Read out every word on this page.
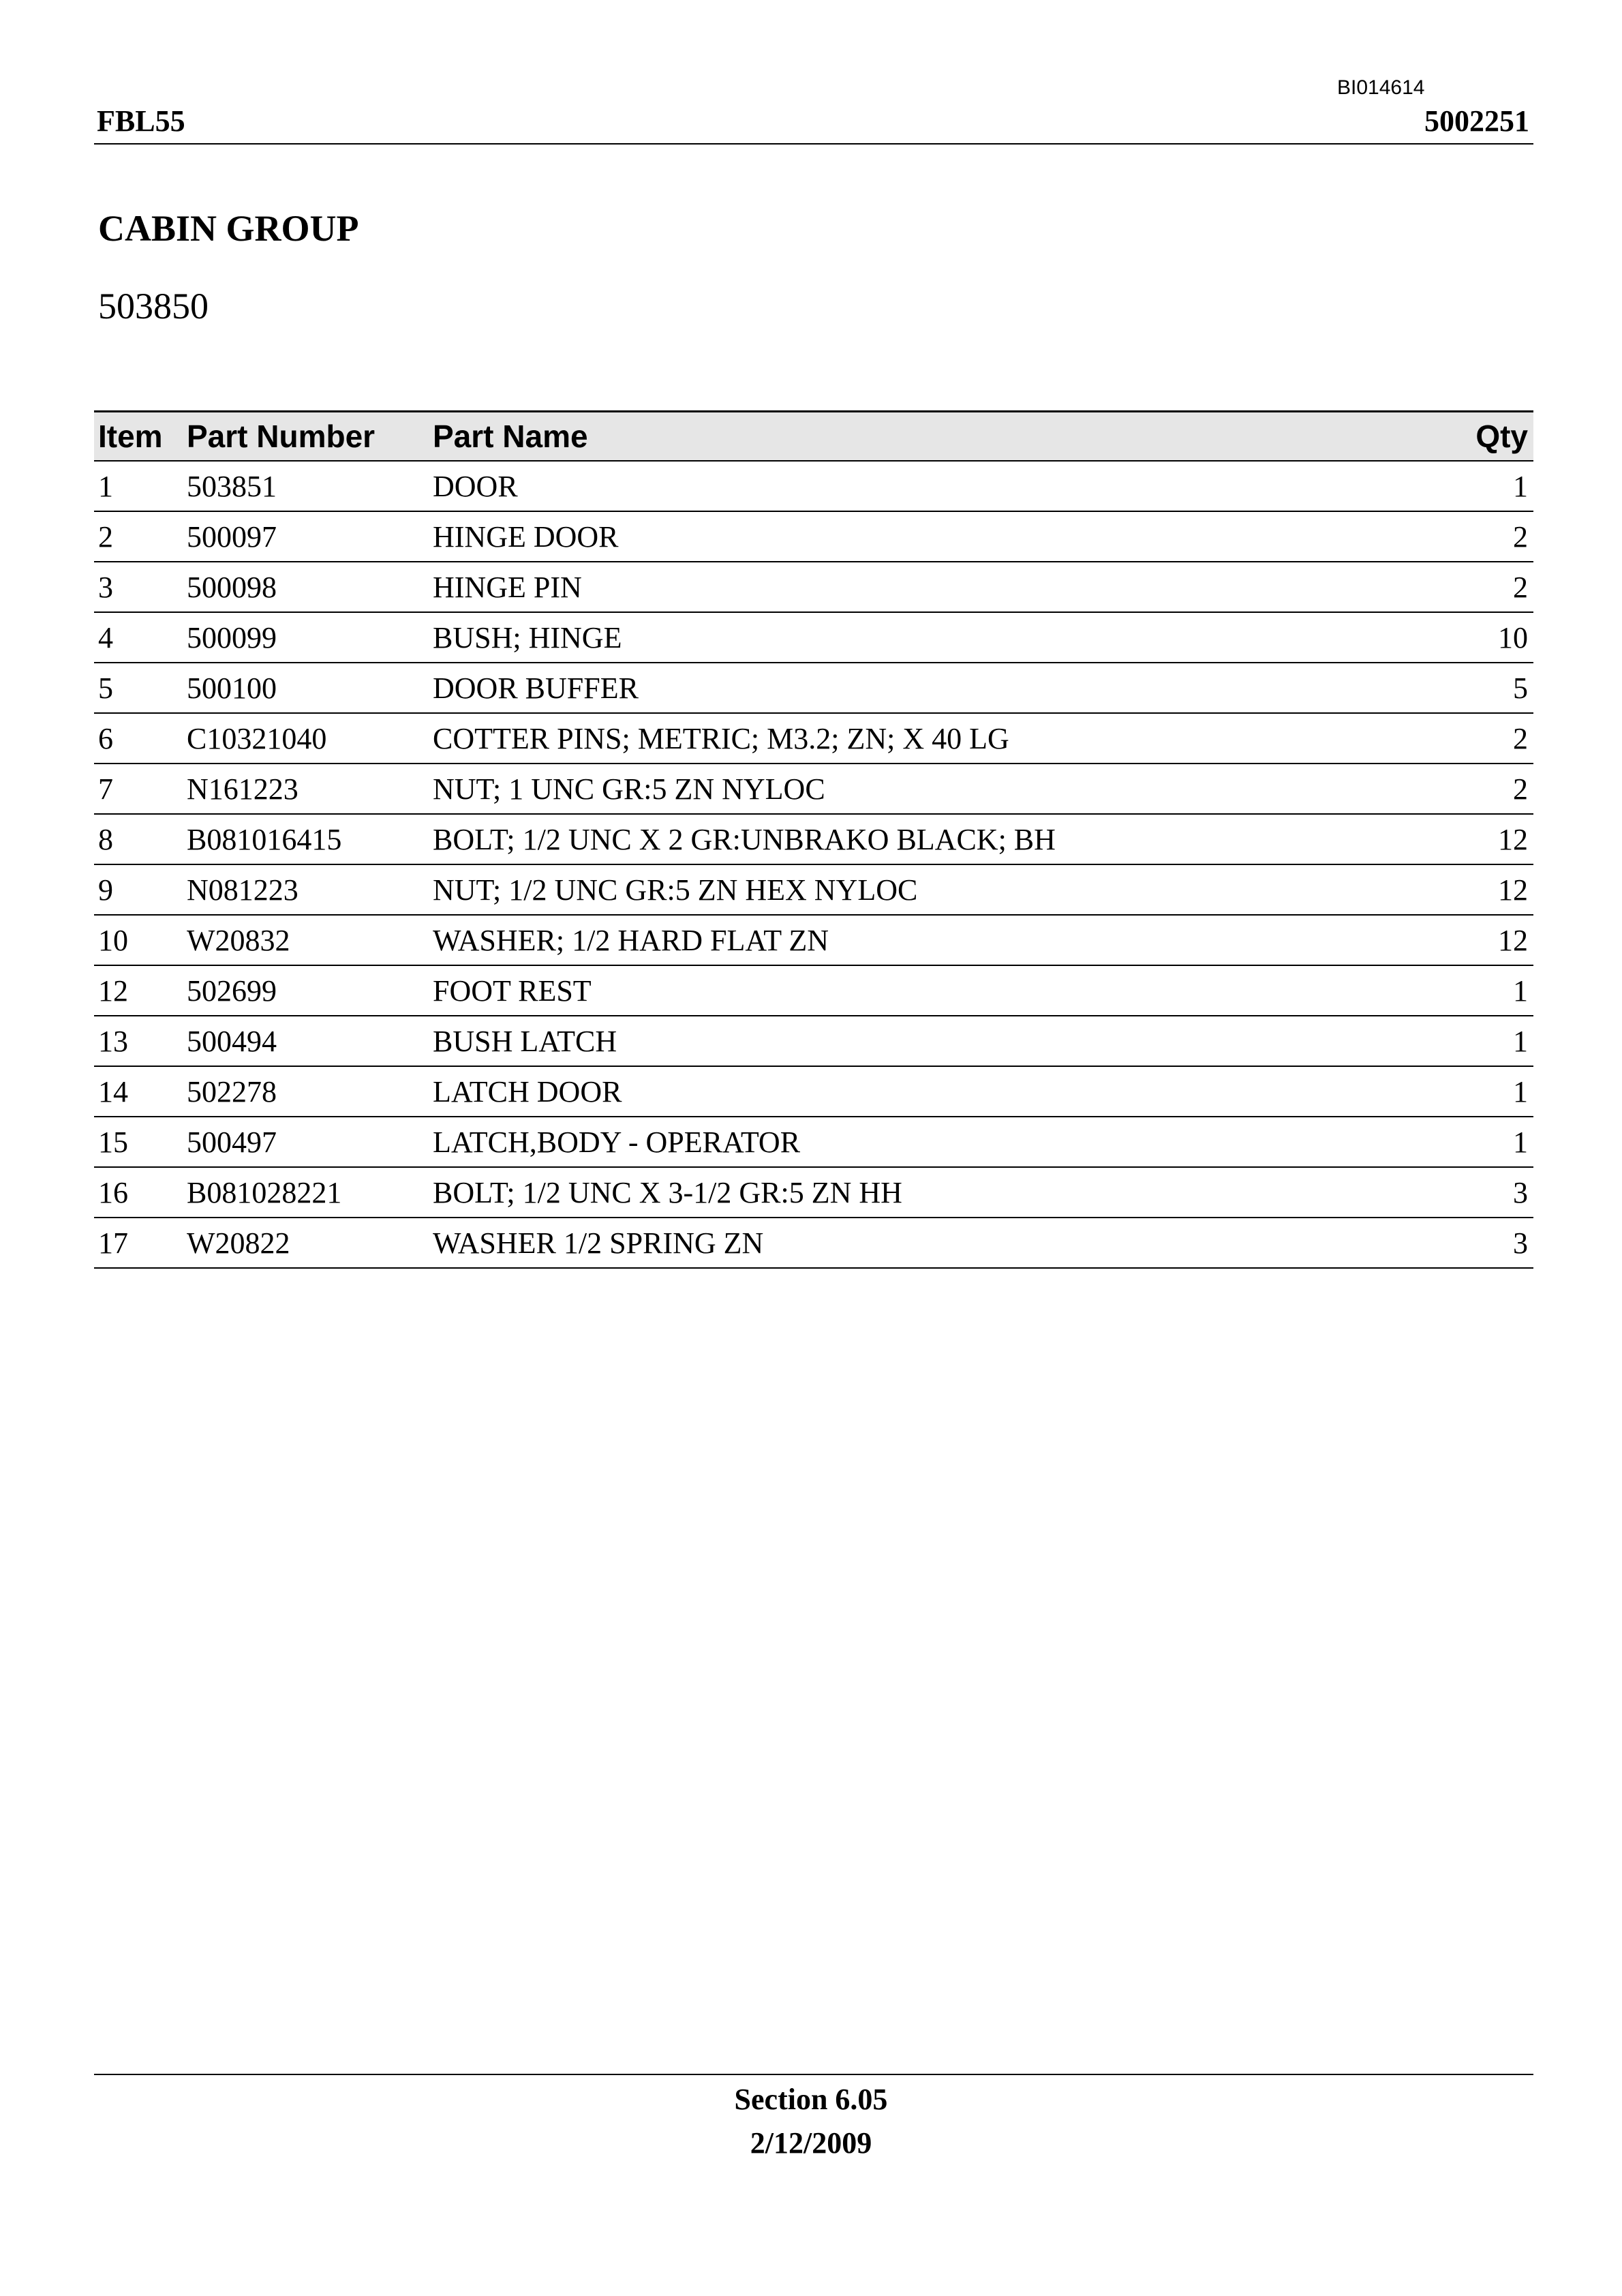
BI014614
FBL55	5002251
CABIN GROUP
503850
Item	Part Number	Part Name	Qty
1	503851	DOOR	1
2	500097	HINGE DOOR	2
3	500098	HINGE PIN	2
4	500099	BUSH; HINGE	10
5	500100	DOOR BUFFER	5
6	C10321040	COTTER PINS; METRIC; M3.2; ZN; X 40 LG	2
7	N161223	NUT; 1 UNC GR:5 ZN NYLOC	2
8	B081016415	BOLT; 1/2 UNC X 2 GR:UNBRAKO BLACK; BH	12
9	N081223	NUT; 1/2 UNC GR:5 ZN HEX NYLOC	12
10	W20832	WASHER; 1/2 HARD FLAT ZN	12
12	502699	FOOT REST	1
13	500494	BUSH LATCH	1
14	502278	LATCH DOOR	1
15	500497	LATCH,BODY - OPERATOR	1
16	B081028221	BOLT; 1/2 UNC X 3-1/2 GR:5 ZN HH	3
17	W20822	WASHER 1/2 SPRING ZN	3
Section 6.05
2/12/2009
